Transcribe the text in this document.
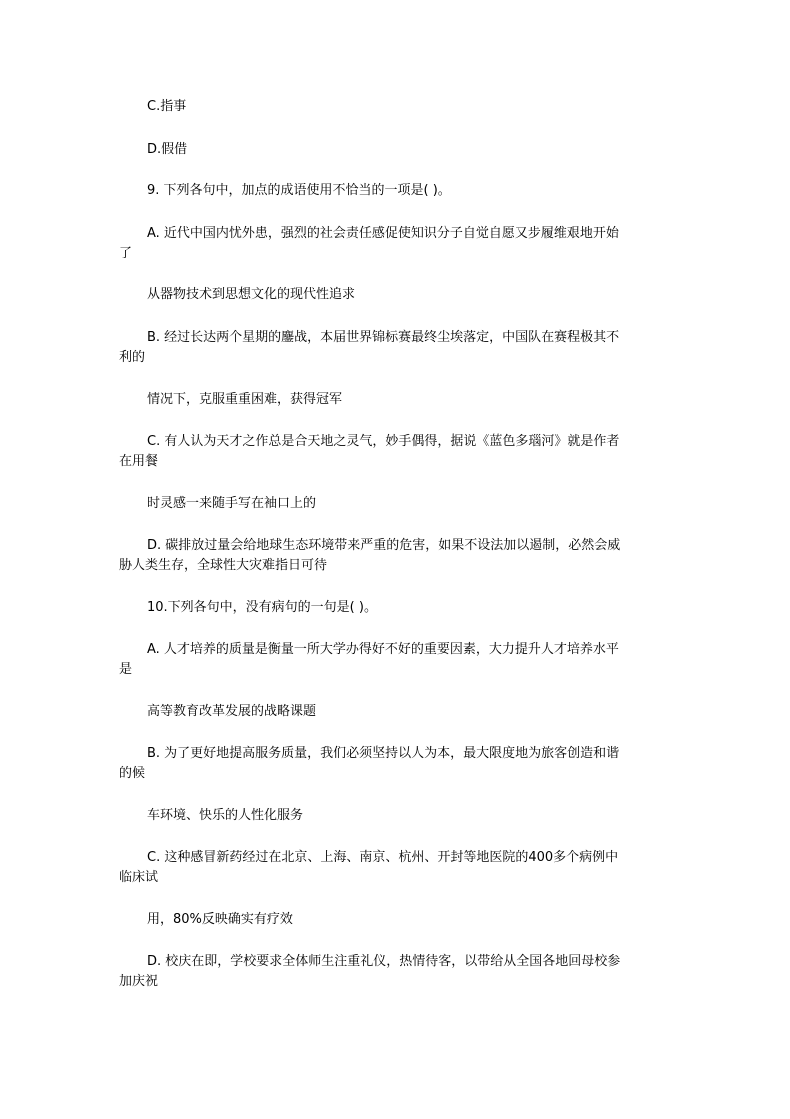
C.指事
D.假借
9. 下列各句中，加点的成语使用不恰当的一项是( )。
A. 近代中国内忧外患，强烈的社会责任感促使知识分子自觉自愿又步履维艰地开始
了
从器物技术到思想文化的现代性追求
B. 经过长达两个星期的鏖战，本届世界锦标赛最终尘埃落定，中国队在赛程极其不
利的
情况下，克服重重困难，获得冠军
C. 有人认为天才之作总是合天地之灵气，妙手偶得，据说《蓝色多瑙河》就是作者
在用餐
时灵感一来随手写在袖口上的
D. 碳排放过量会给地球生态环境带来严重的危害，如果不设法加以遏制，必然会威
胁人类生存，全球性大灾难指日可待
10.下列各句中，没有病句的一句是( )。
A. 人才培养的质量是衡量一所大学办得好不好的重要因素，大力提升人才培养水平
是
高等教育改革发展的战略课题
B. 为了更好地提高服务质量，我们必须坚持以人为本，最大限度地为旅客创造和谐
的候
车环境、快乐的人性化服务
C. 这种感冒新药经过在北京、上海、南京、杭州、开封等地医院的400多个病例中
临床试
用，80%反映确实有疗效
D. 校庆在即，学校要求全体师生注重礼仪，热情待客，以带给从全国各地回母校参
加庆祝
